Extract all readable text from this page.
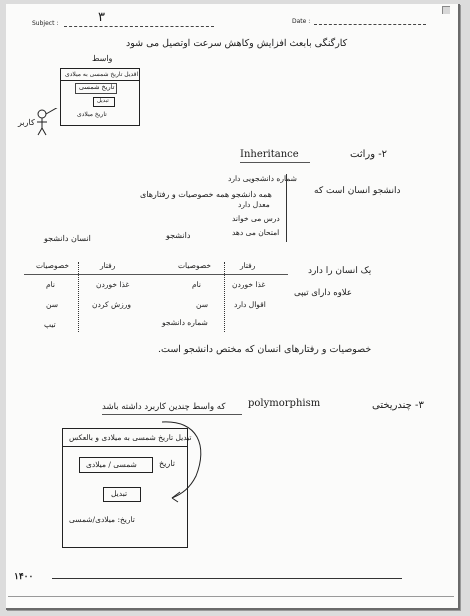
Subject :	۳	Date :
کارگنگی بابعث افزایش وکاهش سرعت اوتصیل می شود
واسط
اقدیل تاریخ شمسی به میلادی
تاریخ شمسی
تبدیل
تاریخ میلادی
کاربر
۲- وراثت
Inheritance
دانشجو انسان است که
شماره دانشجویی دارد
همه دانشجو همه خصوصیات و رفتارهای
معدل دارد
درس می خواند
امتحان می دهد
دانشجو
انسان دانشجو
یک انسان را دارد
علاوه دارای تیپی
رفتار
خصوصیات
غذا خوردن
نام
اقوال دارد
سن
شماره دانشجو
رفتار
خصوصیات
غذا خوردن
نام
ورزش کردن
سن
تیپ
خصوصیات و رفتارهای انسان که مختص دانشجو است.
۳- چندریختی
polymorphism
که واسط چندین کاربرد داشته باشد
تبدیل تاریخ شمسی به میلادی و بالعکس
تاریخ
شمسی / میلادی
تبدیل
تاریخ: میلادی/شمسی
۱۴۰۰
